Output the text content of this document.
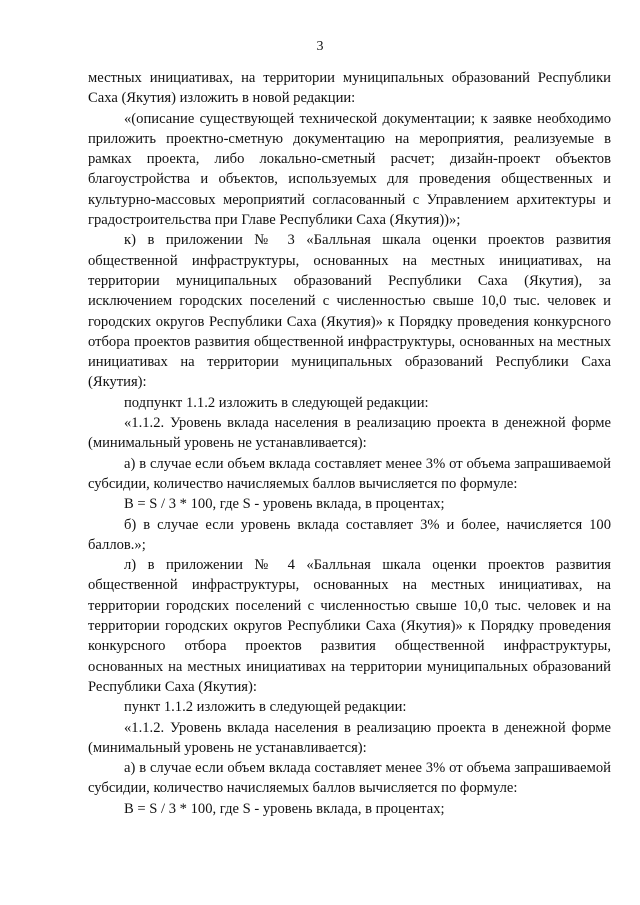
3

местных инициативах, на территории муниципальных образований Республики Саха (Якутия) изложить в новой редакции:

«(описание существующей технической документации; к заявке необходимо приложить проектно-сметную документацию на мероприятия, реализуемые в рамках проекта, либо локально-сметный расчет; дизайн-проект объектов благоустройства и объектов, используемых для проведения общественных и культурно-массовых мероприятий согласованный с Управлением архитектуры и градостроительства при Главе Республики Саха (Якутия))»;

к) в приложении № 3 «Балльная шкала оценки проектов развития общественной инфраструктуры, основанных на местных инициативах, на территории муниципальных образований Республики Саха (Якутия), за исключением городских поселений с численностью свыше 10,0 тыс. человек и городских округов Республики Саха (Якутия)» к Порядку проведения конкурсного отбора проектов развития общественной инфраструктуры, основанных на местных инициативах на территории муниципальных образований Республики Саха (Якутия):

подпункт 1.1.2 изложить в следующей редакции:

«1.1.2. Уровень вклада населения в реализацию проекта в денежной форме (минимальный уровень не устанавливается):

а) в случае если объем вклада составляет менее 3% от объема запрашиваемой субсидии, количество начисляемых баллов вычисляется по формуле:

B = S / 3 * 100, где S - уровень вклада, в процентах;

б) в случае если уровень вклада составляет 3% и более, начисляется 100 баллов.»;

л) в приложении № 4 «Балльная шкала оценки проектов развития общественной инфраструктуры, основанных на местных инициативах, на территории городских поселений с численностью свыше 10,0 тыс. человек и на территории городских округов Республики Саха (Якутия)» к Порядку проведения конкурсного отбора проектов развития общественной инфраструктуры, основанных на местных инициативах на территории муниципальных образований Республики Саха (Якутия):

пункт 1.1.2 изложить в следующей редакции:

«1.1.2. Уровень вклада населения в реализацию проекта в денежной форме (минимальный уровень не устанавливается):

а) в случае если объем вклада составляет менее 3% от объема запрашиваемой субсидии, количество начисляемых баллов вычисляется по формуле:

B = S / 3 * 100, где S - уровень вклада, в процентах;
